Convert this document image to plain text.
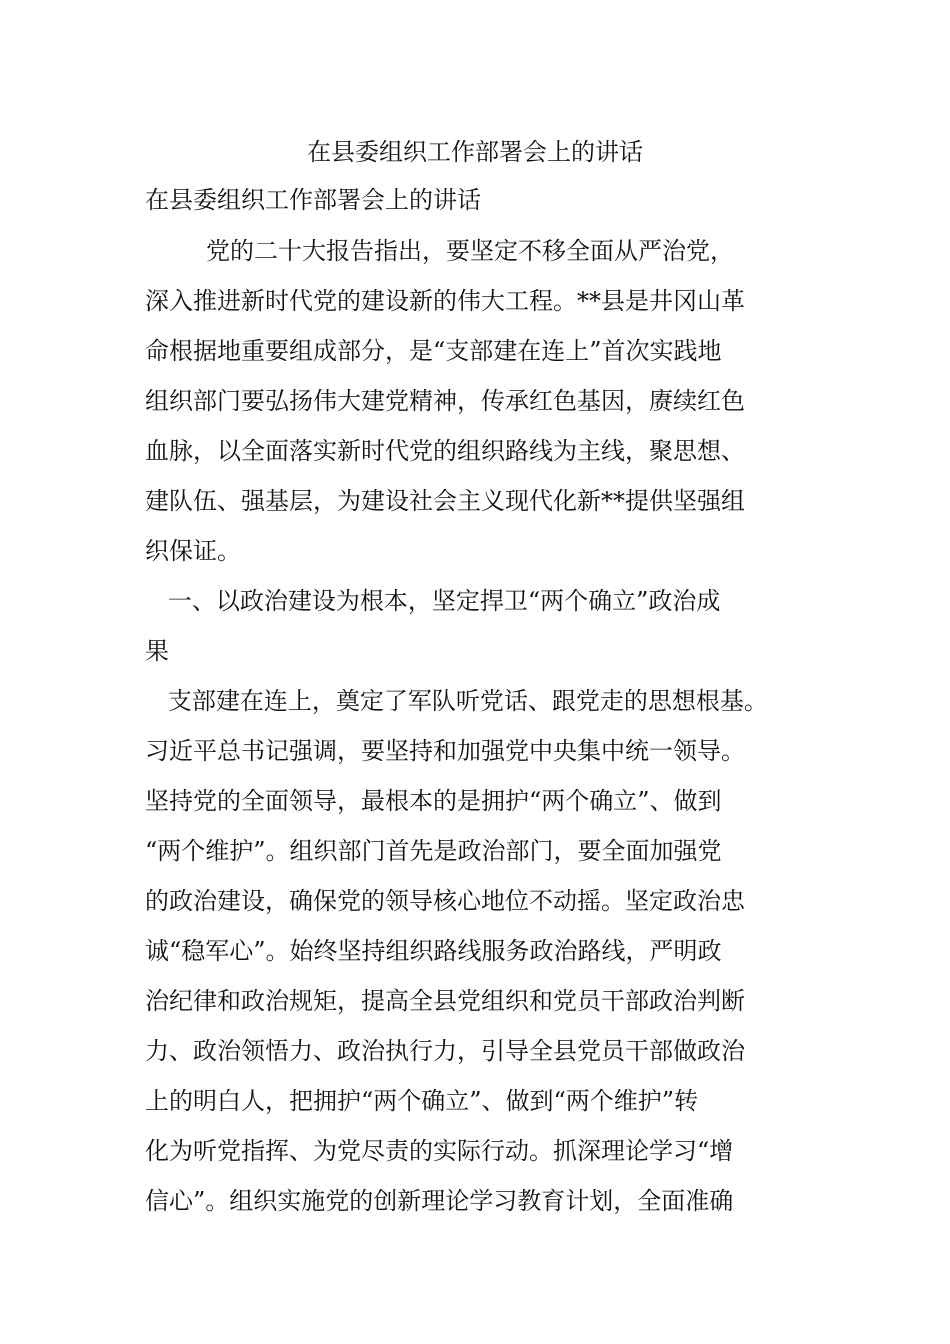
在县委组织工作部署会上的讲话
在县委组织工作部署会上的讲话
党的二十大报告指出，要坚定不移全面从严治党，
深入推进新时代党的建设新的伟大工程。**县是井冈山革
命根据地重要组成部分，是“支部建在连上”首次实践地
组织部门要弘扬伟大建党精神，传承红色基因，赓续红色
血脉，以全面落实新时代党的组织路线为主线，聚思想、
建队伍、强基层，为建设社会主义现代化新**提供坚强组
织保证。
一、以政治建设为根本，坚定捍卫“两个确立”政治成
果
支部建在连上，奠定了军队听党话、跟党走的思想根基。
习近平总书记强调，要坚持和加强党中央集中统一领导。
坚持党的全面领导，最根本的是拥护“两个确立”、做到
“两个维护”。组织部门首先是政治部门，要全面加强党
的政治建设，确保党的领导核心地位不动摇。坚定政治忠
诚“稳军心”。始终坚持组织路线服务政治路线，严明政
治纪律和政治规矩，提高全县党组织和党员干部政治判断
力、政治领悟力、政治执行力，引导全县党员干部做政治
上的明白人，把拥护“两个确立”、做到“两个维护”转
化为听党指挥、为党尽责的实际行动。抓深理论学习“增
信心”。组织实施党的创新理论学习教育计划，全面准确
